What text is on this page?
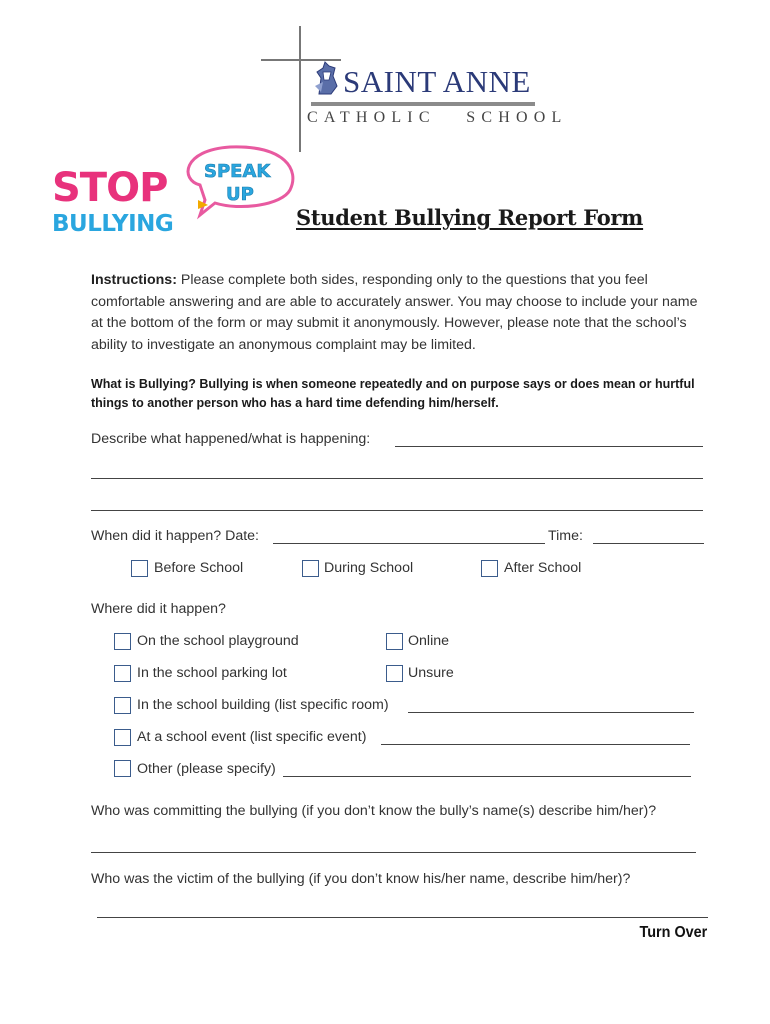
SAINT ANNE
CATHOLIC   SCHOOL
SPEAK
UP
STOP
BULLYING	Student Bullying Report Form
Instructions: Please complete both sides, responding only to the questions that you feel comfortable answering and are able to accurately answer. You may choose to include your name at the bottom of the form or may submit it anonymously. However, please note that the school’s ability to investigate an anonymous complaint may be limited.
What is Bullying? Bullying is when someone repeatedly and on purpose says or does mean or hurtful things to another person who has a hard time defending him/herself.
Describe what happened/what is happening:
When did it happen? Date:	Time:
Before School	During School	After School
Where did it happen?
On the school playground	Online
In the school parking lot	Unsure
In the school building (list specific room)
At a school event (list specific event)
Other (please specify)
Who was committing the bullying (if you don’t know the bully’s name(s) describe him/her)?
Who was the victim of the bullying (if you don’t know his/her name, describe him/her)?
Turn Over
